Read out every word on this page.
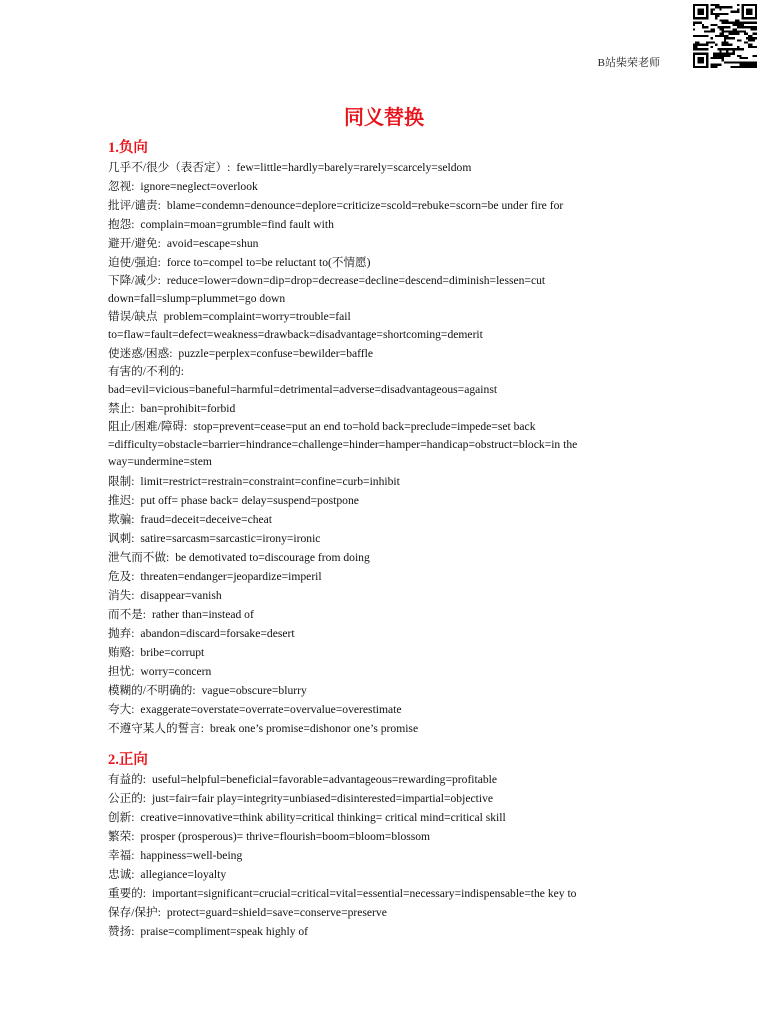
B站柴荣老师
同义替换
1.负向

几乎不/很少（表否定）: few=little=hardly=barely=rarely=scarcely=seldom

忽视: ignore=neglect=overlook

批评/谴责: blame=condemn=denounce=deplore=criticize=scold=rebuke=scorn=be under fire for

抱怨: complain=moan=grumble=find fault with

避开/避免: avoid=escape=shun

迫使/强迫: force to=compel to=be reluctant to(不情愿)

下降/减少: reduce=lower=down=dip=drop=decrease=decline=descend=diminish=lessen=cut
down=fall=slump=plummet=go down

错误/缺点 problem=complaint=worry=trouble=fail
to=flaw=fault=defect=weakness=drawback=disadvantage=shortcoming=demerit

使迷惑/困惑: puzzle=perplex=confuse=bewilder=baffle

有害的/不利的:
bad=evil=vicious=baneful=harmful=detrimental=adverse=disadvantageous=against

禁止: ban=prohibit=forbid

阻止/困难/障碍: stop=prevent=cease=put an end to=hold back=preclude=impede=set back
=difficulty=obstacle=barrier=hindrance=challenge=hinder=hamper=handicap=obstruct=block=in the
way=undermine=stem

限制: limit=restrict=restrain=constraint=confine=curb=inhibit

推迟: put off= phase back= delay=suspend=postpone

欺骗: fraud=deceit=deceive=cheat

讽刺: satire=sarcasm=sarcastic=irony=ironic

泄气而不做: be demotivated to=discourage from doing

危及: threaten=endanger=jeopardize=imperil

消失: disappear=vanish

而不是: rather than=instead of

抛弃: abandon=discard=forsake=desert

贿赂: bribe=corrupt

担忧: worry=concern

模糊的/不明确的: vague=obscure=blurry

夸大: exaggerate=overstate=overrate=overvalue=overestimate

不遵守某人的誓言: break one’s promise=dishonor one’s promise

2.正向

有益的: useful=helpful=beneficial=favorable=advantageous=rewarding=profitable

公正的: just=fair=fair play=integrity=unbiased=disinterested=impartial=objective

创新: creative=innovative=think ability=critical thinking= critical mind=critical skill

繁荣: prosper (prosperous)= thrive=flourish=boom=bloom=blossom

幸福: happiness=well-being

忠诚: allegiance=loyalty

重要的: important=significant=crucial=critical=vital=essential=necessary=indispensable=the key to

保存/保护: protect=guard=shield=save=conserve=preserve

赞扬: praise=compliment=speak highly of
